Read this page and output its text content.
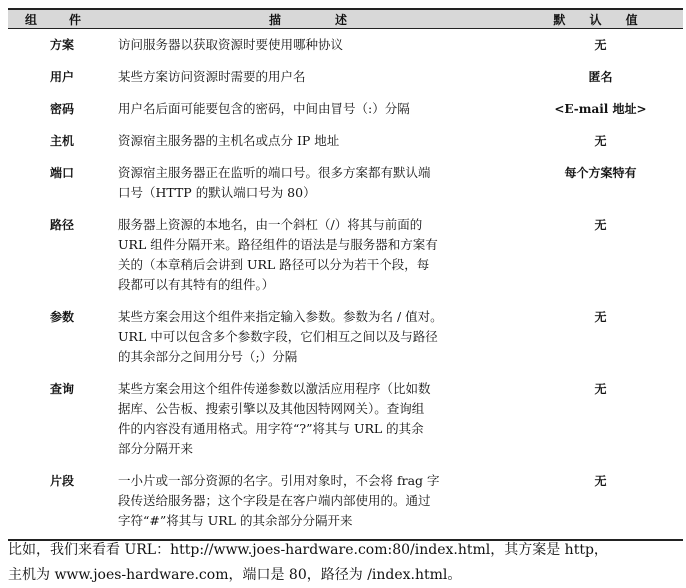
组　件	描　　述	默 认 值
方案	访问服务器以获取资源时要使用哪种协议	无
用户	某些方案访问资源时需要的用户名	匿名
密码	用户名后面可能要包含的密码，中间由冒号（:）分隔	<E-mail 地址>
主机	资源宿主服务器的主机名或点分 IP 地址	无
端口	资源宿主服务器正在监听的端口号。很多方案都有默认端
口号（HTTP 的默认端口号为 80）	每个方案特有
路径	服务器上资源的本地名，由一个斜杠（/）将其与前面的
URL 组件分隔开来。路径组件的语法是与服务器和方案有
关的（本章稍后会讲到 URL 路径可以分为若干个段，每
段都可以有其特有的组件。）	无
参数	某些方案会用这个组件来指定输入参数。参数为名 / 值对。
URL 中可以包含多个参数字段，它们相互之间以及与路径
的其余部分之间用分号（;）分隔	无
查询	某些方案会用这个组件传递参数以激活应用程序（比如数
据库、公告板、搜索引擎以及其他因特网网关）。查询组
件的内容没有通用格式。用字符“?”将其与 URL 的其余
部分分隔开来	无
片段	一小片或一部分资源的名字。引用对象时，不会将 frag 字
段传送给服务器；这个字段是在客户端内部使用的。通过
字符“#”将其与 URL 的其余部分分隔开来	无
比如，我们来看看 URL：http://www.joes-hardware.com:80/index.html，其方案是 http，
主机为 www.joes-hardware.com，端口是 80，路径为 /index.html。
